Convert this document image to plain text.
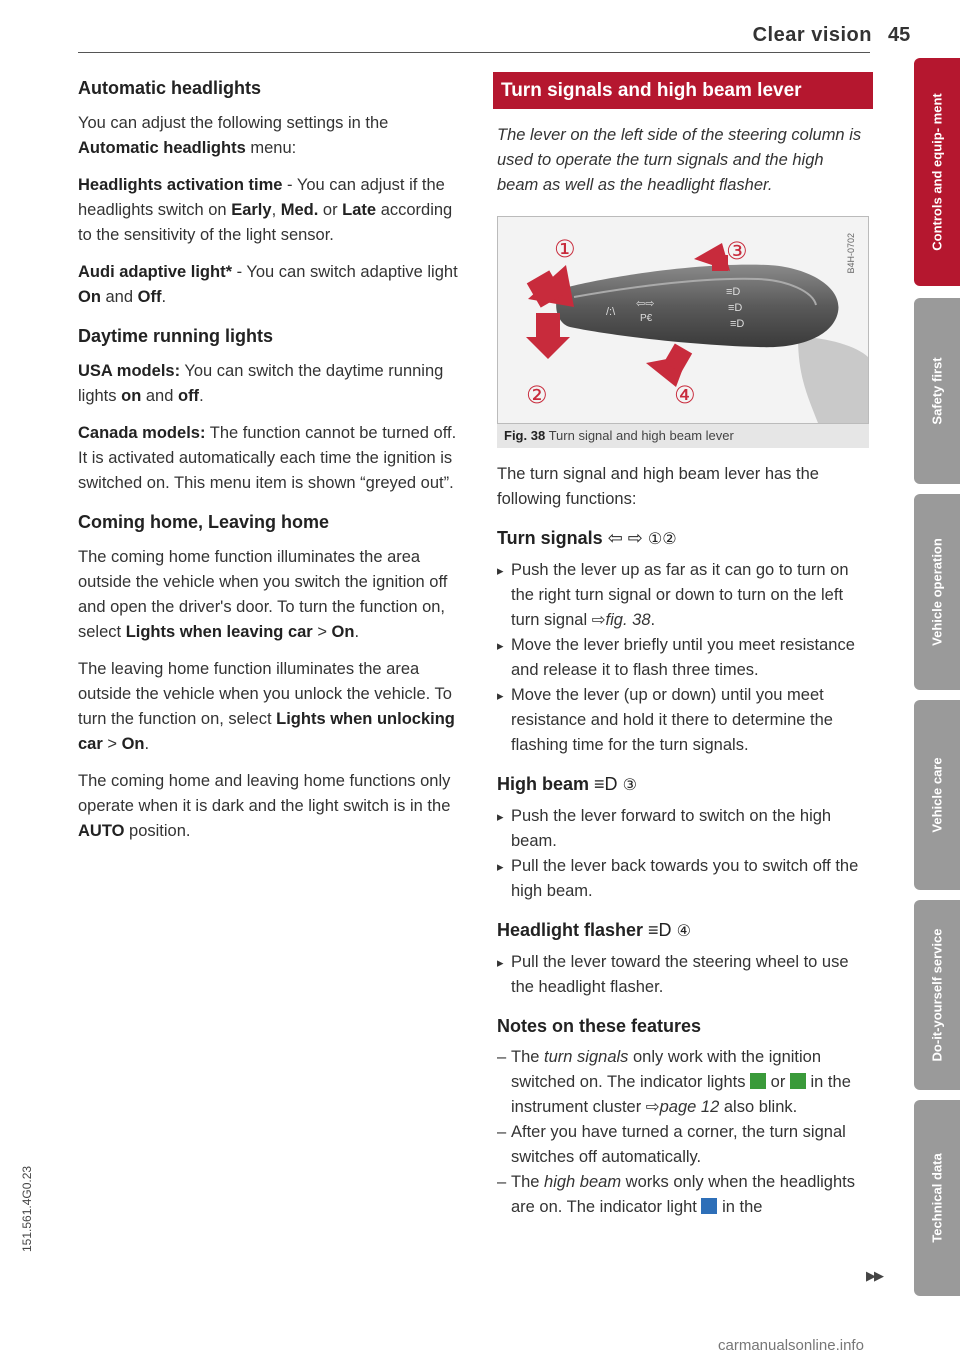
Clear vision 45
Automatic headlights

You can adjust the following settings in the Automatic headlights menu:

Headlights activation time - You can adjust if the headlights switch on Early, Med. or Late according to the sensitivity of the light sensor.

Audi adaptive light* - You can switch adaptive light On and Off.

Daytime running lights

USA models: You can switch the daytime running lights on and off.

Canada models: The function cannot be turned off. It is activated automatically each time the ignition is switched on. This menu item is shown “greyed out”.

Coming home, Leaving home

The coming home function illuminates the area outside the vehicle when you switch the ignition off and open the driver's door. To turn the function on, select Lights when leaving car > On.

The leaving home function illuminates the area outside the vehicle when you unlock the vehicle. To turn the function on, select Lights when unlocking car > On.

The coming home and leaving home functions only operate when it is dark and the light switch is in the AUTO position.

Turn signals and high beam lever

The lever on the left side of the steering column is used to operate the turn signals and the high beam as well as the headlight flasher.

/:\
⇦⇨
P€
≡D
≡D
≡D
①	③
②	④
B4H-0702
Fig. 38 Turn signal and high beam lever

The turn signal and high beam lever has the following functions:

Turn signals ⇦ ⇨ ①②
▸ Push the lever up as far as it can go to turn on the right turn signal or down to turn on the left turn signal ⇨fig. 38.
▸ Move the lever briefly until you meet resistance and release it to flash three times.
▸ Move the lever (up or down) until you meet resistance and hold it there to determine the flashing time for the turn signals.
High beam ≡D ③
▸ Push the lever forward to switch on the high beam.
▸ Pull the lever back towards you to switch off the high beam.
Headlight flasher ≡D ④
▸ Pull the lever toward the steering wheel to use the headlight flasher.
Notes on these features
– The turn signals only work with the ignition switched on. The indicator lights  or  in the instrument cluster ⇨page 12 also blink.
– After you have turned a corner, the turn signal switches off automatically.
– The high beam works only when the headlights are on. The indicator light  in the
▶▶
Controls and equip- ment
Safety first
Vehicle operation
Vehicle care
Do-it-yourself service
Technical data
151.561.4G0.23
carmanualsonline.info
